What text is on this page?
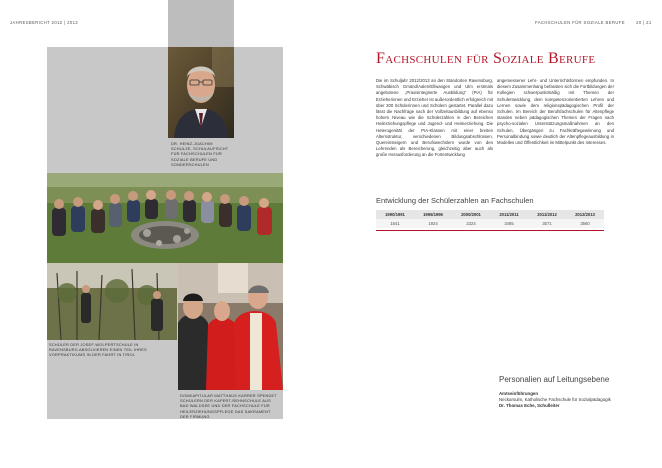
JAHRESBERICHT 2012 | 2013
DR. HEINZ-JOACHIM SCHULZE, SCHULAUFSICHT FÜR FACHSCHULEN FÜR SOZIALE BERUFE UND SONDERSCHULEN
SCHÜLER DER JOSEF-WOLPERTSCHULE IN RAVENSBURG ABSOLVIEREN EINEN TEIL IHRES VORPRAKTIKUMS IN DER FAHRT IN TIROL
DOMKAPITULAR MATTHÄUS KARRER SPENDET SCHÜLERN DER KAPERT-REHNSCHULE AUS BAD WALDSEE UND DER FACHSCHULE FÜR HEILERZIEHUNGSPFLEGE DAS SAKRAMENT DER FIRMUNG
FACHSCHULEN FÜR SOZIALE BERUFE	20 | 21
Fachschulen für Soziale Berufe
Die im Schuljahr 2012/2013 an den Standorten Ravensburg, Schwäbisch Gmünd/Aalen/Ellwangen und Ulm erstmals angebotene „Praxisintegrierte Ausbildung“ (PiA) für Erzieherinnen und Erzieher ist außerordentlich erfolgreich mit über 200 Schülerinnen und Schülern gestartet. Parallel dazu lässt die Nachfrage nach der Vollzeitausbildung auf ebenso hohem Niveau wie die Schülerzahlen in den Bereichen Heilerziehungspflege und Jugend- und Heimerziehung. Die Heterogenität der PIA-Klassen mit einer breiten Altersstruktur, verschiedenen Bildungsabschlüssen, Quereinsteigern und Berufswechslern wurde von den Lehrenden als Bereicherung, gleichzeitig aber auch als große Herausforderung an die Fortentwicklung
angemessener Lehr- und Unterrichtsformen empfunden. In diesem Zusammenhang befassten sich die Fortbildungen der Kollegien schwerpunktmäßig mit Themen der Schulentwicklung, dem kompetenzorientierten Lehren und Lernen sowie dem religionspädagogischen Profil der Schulen. Im Bereich der Berufsfachschulen für Altenpflege standen neben pädagogischen Themen der Fragen nach psycho-sozialen Unterstützungsmaßnahmen an den Schulen, Übergängen zu Fachkräftegewinnung und Personalbindung sowie deutlich der Altenpflegeausbildung in Modelles und Öffentlichkeit im Mittelpunkt des Interesses.
Entwicklung der Schülerzahlen an Fachschulen
1990/1991	1995/1996	2000/2001	2011/2011	2011/2012	2012/2013
1641	1924	2324	3485	3571	3560
Personalien auf Leitungsebene
Amtseinführungen
Neckarsulm, Katholische Fachschule für Sozialpädagogik
Dr. Thomas Eche, Schulleiter
